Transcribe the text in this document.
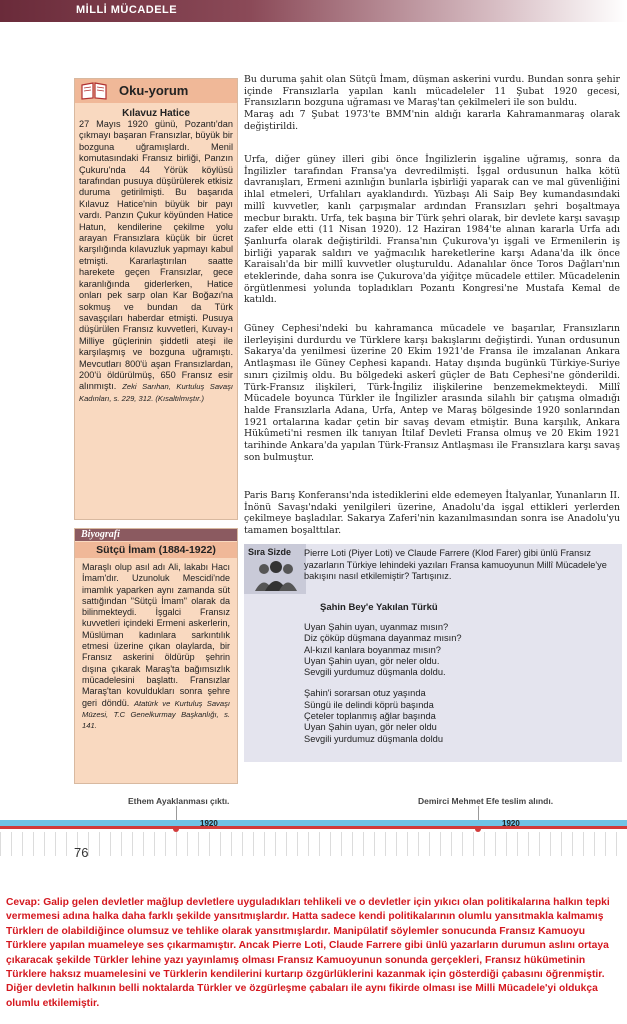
MİLLİ MÜCADELE
Oku-yorum
Kılavuz Hatice
27 Mayıs 1920 günü, Pozantı'dan çıkmayı başaran Fransızlar, büyük bir bozguna uğramışlardı. Menil komutasındaki Fransız birliği, Panzın Çukuru'nda 44 Yörük köylüsü tarafından pusuya düşürülerek etkisiz duruma getirilmişti. Bu başarıda Kılavuz Hatice'nin büyük bir payı vardı. Panzın Çukur köyünden Hatice Hatun, kendilerine çekilme yolu arayan Fransızlara küçük bir ücret karşılığında kılavuzluk yapmayı kabul etmişti. Kararlaştırılan saatte harekete geçen Fransızlar, gece karanlığında giderlerken, Hatice onları pek sarp olan Kar Boğazı'na sokmuş ve bundan da Türk savaşçıları haberdar etmişti. Pusuya düşürülen Fransız kuvvetleri, Kuvay-ı Milliye güçlerinin şiddetli ateşi ile karşılaşmış ve bozguna uğramıştı. Mevcutları 800'ü aşan Fransızlardan, 200'ü öldürülmüş, 650 Fransız esir alınmıştı. Zeki Sarıhan, Kurtuluş Savaşı Kadınları, s. 229, 312. (Kısaltılmıştır.)
Biyografi
Sütçü İmam (1884-1922)
Maraşlı olup asıl adı Ali, lakabı Hacı İmam'dır. Uzunoluk Mescidi'nde imamlık yaparken aynı zamanda süt sattığından "Sütçü İmam" olarak da bilinmekteydi. İşgalci Fransız kuvvetleri içindeki Ermeni askerlerin, Müslüman kadınlara sarkıntılık etmesi üzerine çıkan olaylarda, bir Fransız askerini öldürüp şehrin dışına çıkarak Maraş'ta bağımsızlık mücadelesini başlattı. Fransızlar Maraş'tan kovuldukları sonra şehre geri döndü. Atatürk ve Kurtuluş Savaşı Müzesi, T.C Genelkurmay Başkanlığı, s. 141.

Bu duruma şahit olan Sütçü İmam, düşman askerini vurdu. Bundan sonra şehir içinde Fransızlarla yapılan kanlı mücadeleler 11 Şubat 1920 gecesi, Fransızların bozguna uğraması ve Maraş'tan çekilmeleri ile son buldu.

Maraş adı 7 Şubat 1973'te BMM'nin aldığı kararla Kahramanmaraş olarak değiştirildi.

Urfa, diğer güney illeri gibi önce İngilizlerin işgaline uğramış, sonra da İngilizler tarafından Fransa'ya devredilmişti. İşgal ordusunun halka kötü davranışları, Ermeni azınlığın bunlarla işbirliği yaparak can ve mal güvenliğini ihlal etmeleri, Urfalıları ayaklandırdı. Yüzbaşı Ali Saip Bey kumandasındaki millî kuvvetler, kanlı çarpışmalar ardından Fransızları şehri boşaltmaya mecbur bıraktı. Urfa, tek başına bir Türk şehri olarak, bir devlete karşı savaşıp zafer elde etti (11 Nisan 1920). 12 Haziran 1984'te alınan kararla Urfa adı Şanlıurfa olarak değiştirildi. Fransa'nın Çukurova'yı işgali ve Ermenilerin iş birliği yaparak saldırı ve yağmacılık hareketlerine karşı Adana'da ilk önce Karaisalı'da bir millî kuvvetler oluşturuldu. Adanalılar önce Toros Dağları'nın eteklerinde, daha sonra ise Çukurova'da yiğitçe mücadele ettiler. Mücadelenin örgütlenmesi yolunda topladıkları Pozantı Kongresi'ne Mustafa Kemal de katıldı.

Güney Cephesi'ndeki bu kahramanca mücadele ve başarılar, Fransızların ilerleyişini durdurdu ve Türklere karşı bakışlarını değiştirdi. Yunan ordusunun Sakarya'da yenilmesi üzerine 20 Ekim 1921'de Fransa ile imzalanan Ankara Antlaşması ile Güney Cephesi kapandı. Hatay dışında bugünkü Türkiye-Suriye sınırı çizilmiş oldu. Bu bölgedeki askerî güçler de Batı Cephesi'ne gönderildi. Türk-Fransız ilişkileri, Türk-İngiliz ilişkilerine benzemekmekteydi. Millî Mücadele boyunca Türkler ile İngilizler arasında silahlı bir çatışma olmadığı halde Fransızlarla Adana, Urfa, Antep ve Maraş bölgesinde 1920 sonlarından 1921 ortalarına kadar çetin bir savaş devam etmiştir. Buna karşılık, Ankara Hükûmeti'ni resmen ilk tanıyan İtilaf Devleti Fransa olmuş ve 20 Ekim 1921 tarihinde Ankara'da yapılan Türk-Fransız Antlaşması ile Fransızlara karşı savaş son bulmuştur.

Paris Barış Konferansı'nda istediklerini elde edemeyen İtalyanlar, Yunanların II. İnönü Savaşı'ndaki yenilgileri üzerine, Anadolu'da işgal ettikleri yerlerden çekilmeye başladılar. Sakarya Zaferi'nin kazanılmasından sonra ise Anadolu'yu tamamen boşalttılar.

Sıra Sizde Pierre Loti (Piyer Loti) ve Claude Farrere (Klod Farer) gibi ünlü Fransız yazarların Türkiye lehindeki yazıları Fransa kamuoyunun Millî Mücadele'ye bakışını nasıl etkilemiştir? Tartışınız.
Şahin Bey'e Yakılan Türkü
Uyan Şahin uyan, uyanmaz mısın?
Diz çöküp düşmana dayanmaz mısın?
Al-kızıl kanlara boyanmaz mısın?
Uyan Şahin uyan, gör neler oldu.
Sevgili yurdumuz düşmanla doldu.
Şahin'i sorarsan otuz yaşında
Süngü ile delindi köprü başında
Çeteler toplanmış ağlar başında
Uyan Şahin uyan, gör neler oldu
Sevgili yurdumuz düşmanla doldu
Ethem Ayaklanması çıktı.	Demirci Mehmet Efe teslim alındı.
1920	1920
76
Cevap: Galip gelen devletler mağlup devletlere uyguladıkları tehlikeli ve o devletler için yıkıcı olan politikalarına halkın tepki vermemesi adına halka daha farklı şekilde yansıtmışlardır. Hatta sadece kendi politikalarının olumlu yansıtmakla kalmamış Türklerı de olabildiğince olumsuz ve tehlike olarak yansıtmışlardır. Manipülatif söylemler sonucunda Fransız Kamuoyu Türklere yapılan muameleye ses çıkarmamıştır. Ancak Pierre Loti, Claude Farrere gibi ünlü yazarların durumun aslını ortaya çıkaracak şekilde Türkler lehine yazı yayınlamış olması Fransız Kamuoyunun sonunda gerçekleri, Fransız hükümetinin Türklere haksız muamelesini ve Türklerin kendilerini kurtarıp özgürlüklerini kazanmak için gösterdiği çabasını öğrenmiştir. Diğer devletin halkının belli noktalarda Türkler ve özgürleşme çabaları ile aynı fikirde olması ise Milli Mücadele'yi oldukça olumlu etkilemiştir.
